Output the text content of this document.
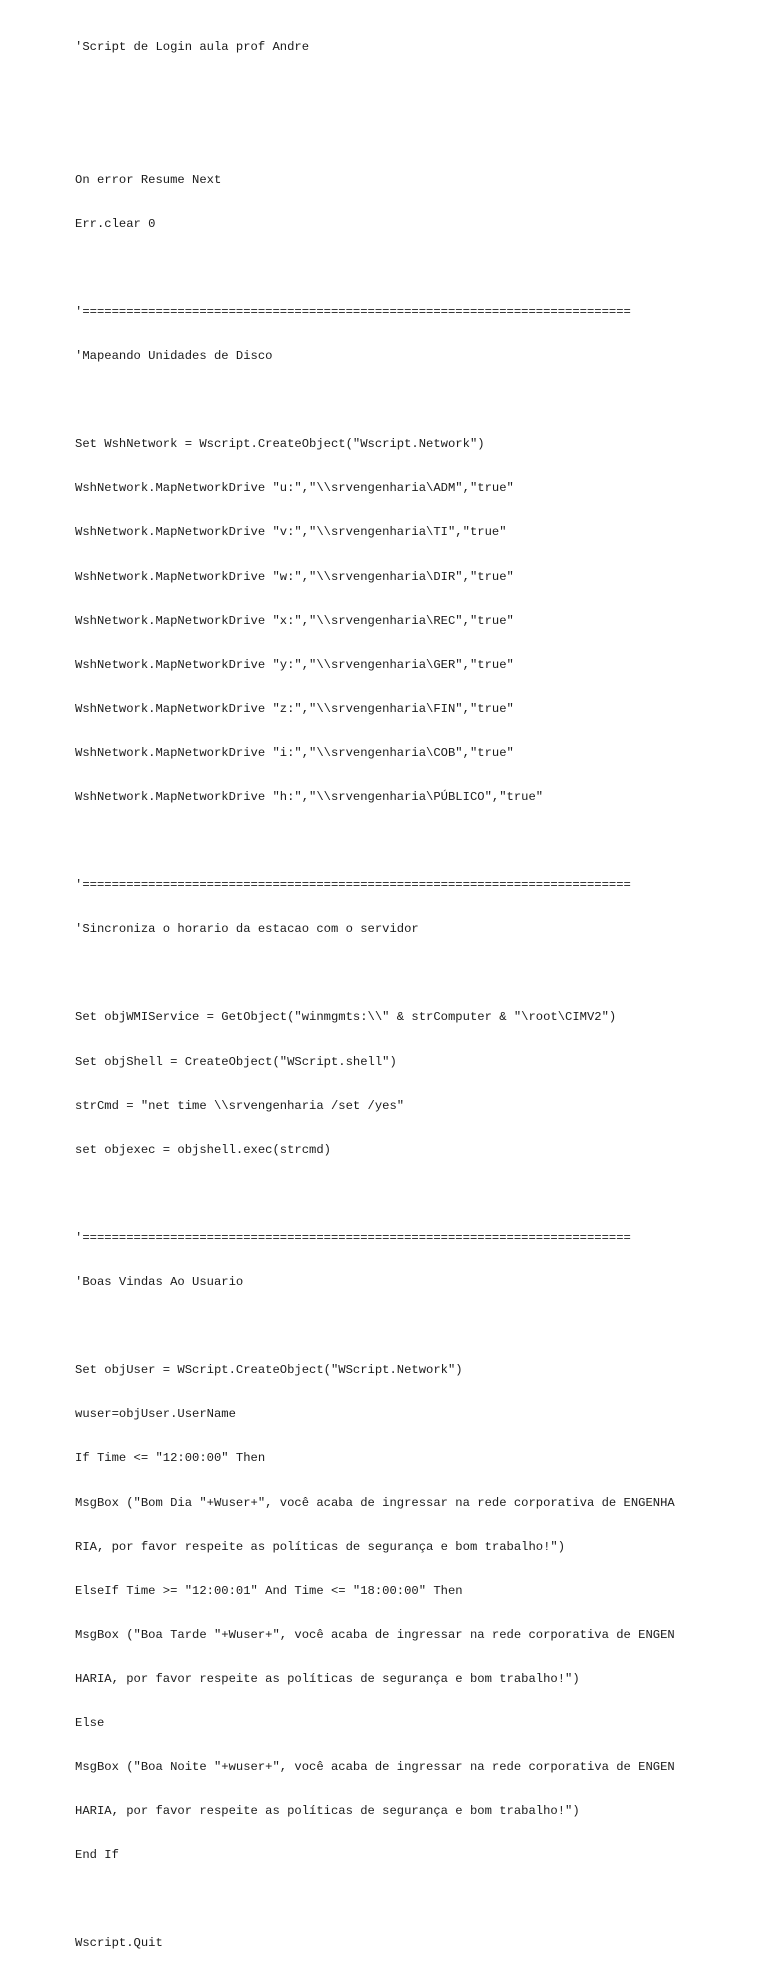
'Script de Login aula prof Andre

On error Resume Next

Err.clear 0

'===========================================================================

'Mapeando Unidades de Disco

Set WshNetwork = Wscript.CreateObject("Wscript.Network")

WshNetwork.MapNetworkDrive "u:","\\srvengenharia\ADM","true"

WshNetwork.MapNetworkDrive "v:","\\srvengenharia\TI","true"

WshNetwork.MapNetworkDrive "w:","\\srvengenharia\DIR","true"

WshNetwork.MapNetworkDrive "x:","\\srvengenharia\REC","true"

WshNetwork.MapNetworkDrive "y:","\\srvengenharia\GER","true"

WshNetwork.MapNetworkDrive "z:","\\srvengenharia\FIN","true"

WshNetwork.MapNetworkDrive "i:","\\srvengenharia\COB","true"

WshNetwork.MapNetworkDrive "h:","\\srvengenharia\PÚBLICO","true"

'===========================================================================

'Sincroniza o horario da estacao com o servidor

Set objWMIService = GetObject("winmgmts:\\" & strComputer & "\root\CIMV2")

Set objShell = CreateObject("WScript.shell")

strCmd = "net time \\srvengenharia /set /yes"

set objexec = objshell.exec(strcmd)

'===========================================================================

'Boas Vindas Ao Usuario

Set objUser = WScript.CreateObject("WScript.Network")

wuser=objUser.UserName

If Time <= "12:00:00" Then

MsgBox ("Bom Dia "+Wuser+", você acaba de ingressar na rede corporativa de ENGENHA

RIA, por favor respeite as políticas de segurança e bom trabalho!")

ElseIf Time >= "12:00:01" And Time <= "18:00:00" Then

MsgBox ("Boa Tarde "+Wuser+", você acaba de ingressar na rede corporativa de ENGEN

HARIA, por favor respeite as políticas de segurança e bom trabalho!")

Else

MsgBox ("Boa Noite "+wuser+", você acaba de ingressar na rede corporativa de ENGEN

HARIA, por favor respeite as políticas de segurança e bom trabalho!")

End If

Wscript.Quit
